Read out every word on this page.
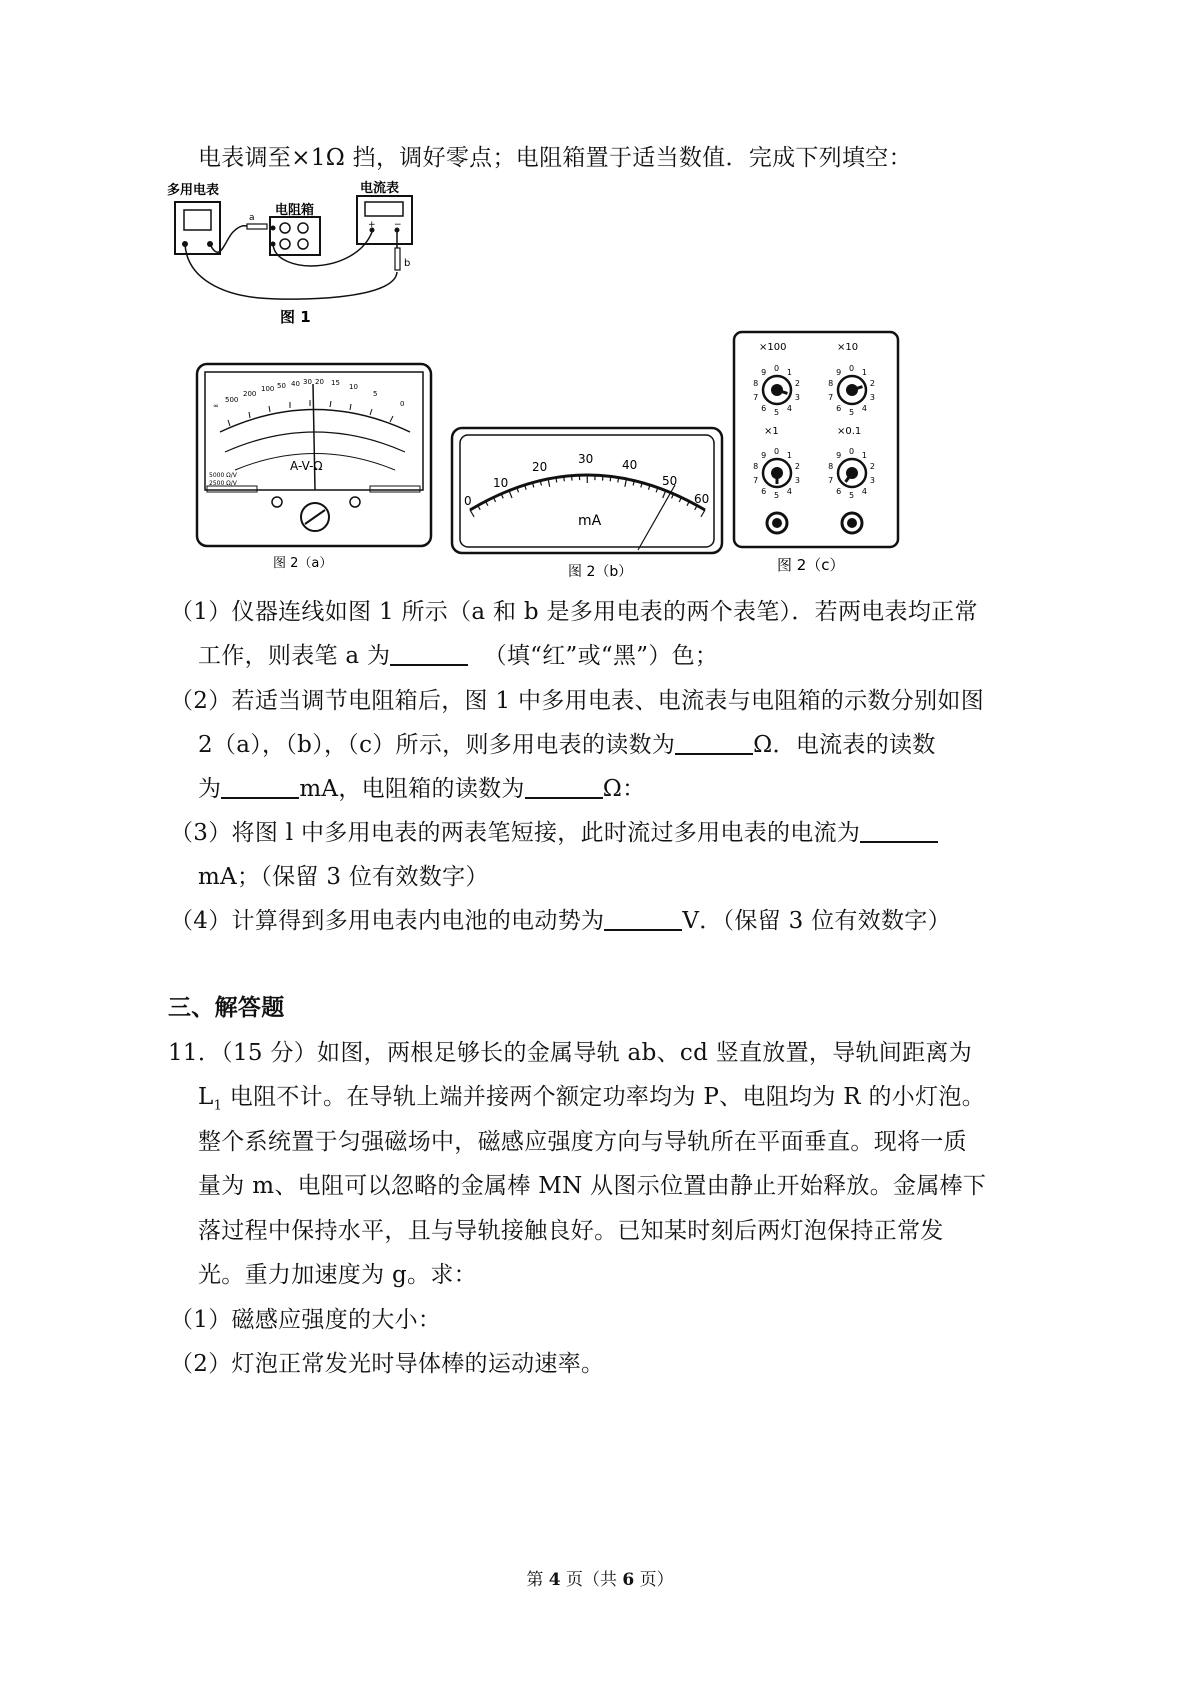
电表调至×1Ω 挡，调好零点；电阻箱置于适当数值．完成下列填空：
多用电表
电阻箱
电流表
+ −
a
b
图 1
∞
500
200
100 50 40 30 20 15 10
5
0
A-V-Ω
5000 Ω/V
2500 Ω/V
图 2（a）
0
10
20
30 40
50
60
mA
图 2（b）
×100	×10
×1	×0.1
0 1
2
3
4
5
6
7
8
9	0 1
2
3
4
5
6
7
8
9
0 1
2
3
4
5
6
7
8
9	0 1
2
3
4
5
6
7
8
9
图 2（c）
（1）仪器连线如图 1 所示（a 和 b 是多用电表的两个表笔）．若两电表均正常
工作，则表笔 a 为	（填“红”或“黑”）色；
（2）若适当调节电阻箱后，图 1 中多用电表、电流表与电阻箱的示数分别如图
2（a），（b），（c）所示，则多用电表的读数为	Ω．电流表的读数
为	mA，电阻箱的读数为	Ω：
（3）将图 l 中多用电表的两表笔短接，此时流过多用电表的电流为
mA；（保留 3 位有效数字）
（4）计算得到多用电表内电池的电动势为	V．（保留 3 位有效数字）
三、解答题
11．（15 分）如图，两根足够长的金属导轨 ab、cd 竖直放置，导轨间距离为
$L_1$ 电阻不计。在导轨上端并接两个额定功率均为 P、电阻均为 R 的小灯泡。
整个系统置于匀强磁场中，磁感应强度方向与导轨所在平面垂直。现将一质
量为 m、电阻可以忽略的金属棒 MN 从图示位置由静止开始释放。金属棒下
落过程中保持水平，且与导轨接触良好。已知某时刻后两灯泡保持正常发
光。重力加速度为 g。求：
（1）磁感应强度的大小：
（2）灯泡正常发光时导体棒的运动速率。
第 4 页（共 6 页）
